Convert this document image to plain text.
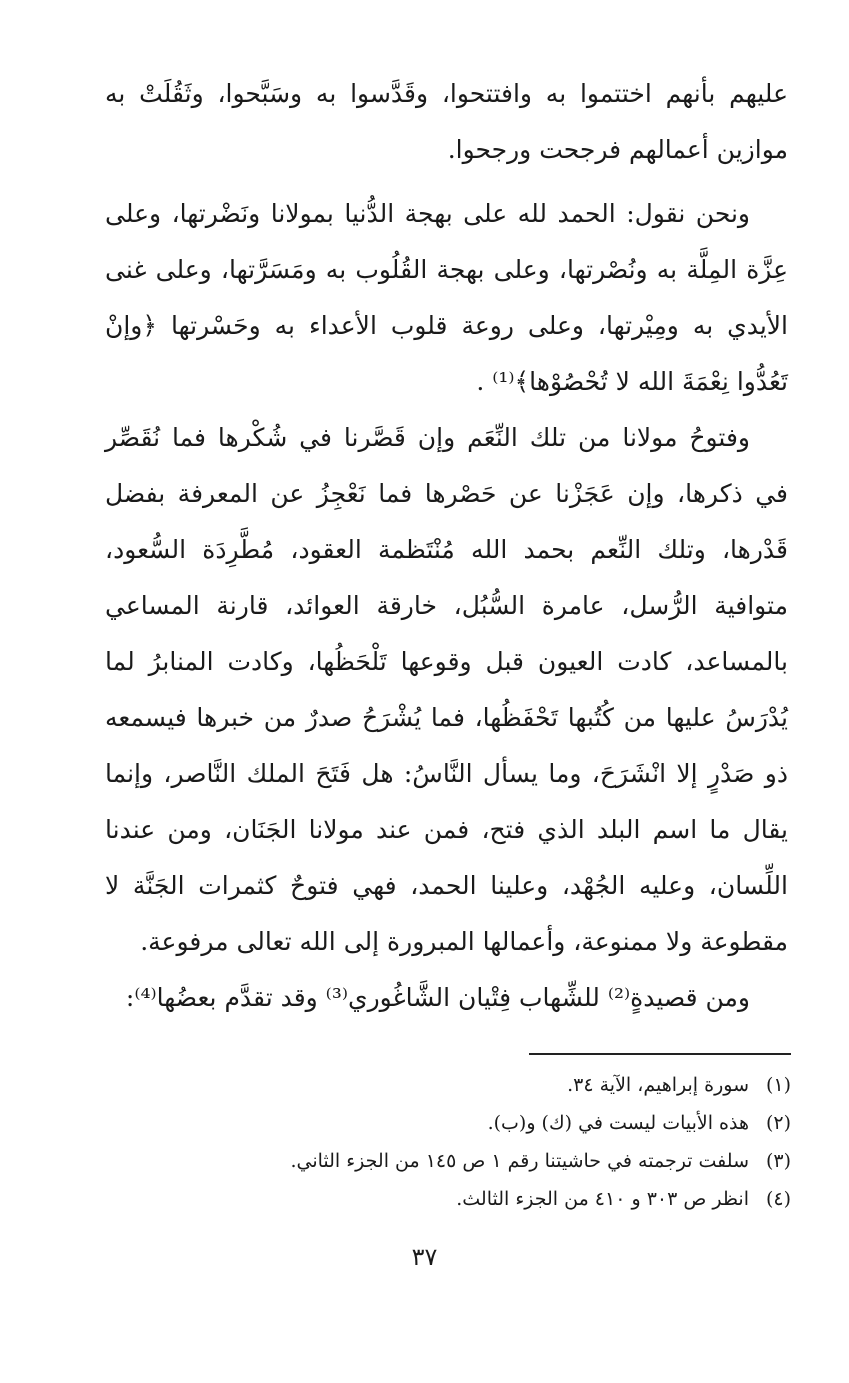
عليهم بأنهم اختتموا به وافتتحوا، وقَدَّسوا به وسَبَّحوا، وثَقُلَتْ به موازين أعمالهم فرجحت ورجحوا.

ونحن نقول: الحمد لله على بهجة الدُّنيا بمولانا ونَضْرتها، وعلى عِزَّة المِلَّة به ونُصْرتها، وعلى بهجة القُلُوب به ومَسَرَّتها، وعلى غنى الأيدي به ومِيْرتها، وعلى روعة قلوب الأعداء به وحَسْرتها ﴿وإنْ تَعُدُّوا نِعْمَةَ الله لا تُحْصُوْها﴾⁽¹⁾ .

وفتوحُ مولانا من تلك النِّعَم وإن قَصَّرنا في شُكْرها فما نُقَصِّر في ذكرها، وإن عَجَزْنا عن حَصْرها فما نَعْجِزُ عن المعرفة بفضل قَدْرها، وتلك النِّعم بحمد الله مُنْتَظمة العقود، مُطَّرِدَة السُّعود، متوافية الرُّسل، عامرة السُّبُل، خارقة العوائد، قارنة المساعي بالمساعد، كادت العيون قبل وقوعها تَلْحَظُها، وكادت المنابرُ لما يُدْرَسُ عليها من كُتُبها تَحْفَظُها، فما يُشْرَحُ صدرٌ من خبرها فيسمعه ذو صَدْرٍ إلا انْشَرَحَ، وما يسأل النَّاسُ: هل فَتَحَ الملك النَّاصر، وإنما يقال ما اسم البلد الذي فتح، فمن عند مولانا الجَنَان، ومن عندنا اللِّسان، وعليه الجُهْد، وعلينا الحمد، فهي فتوحٌ كثمرات الجَنَّة لا مقطوعة ولا ممنوعة، وأعمالها المبرورة إلى الله تعالى مرفوعة.

ومن قصيدةٍ⁽²⁾ للشِّهاب فِتْيان الشَّاغُوري⁽³⁾ وقد تقدَّم بعضُها⁽⁴⁾:

(١)سورة إبراهيم، الآية ٣٤.
(٢)هذه الأبيات ليست في (ك) و(ب).
(٣)سلفت ترجمته في حاشيتنا رقم ١ ص ١٤٥ من الجزء الثاني.
(٤)انظر ص ٣٠٣ و ٤١٠ من الجزء الثالث.
٣٧
